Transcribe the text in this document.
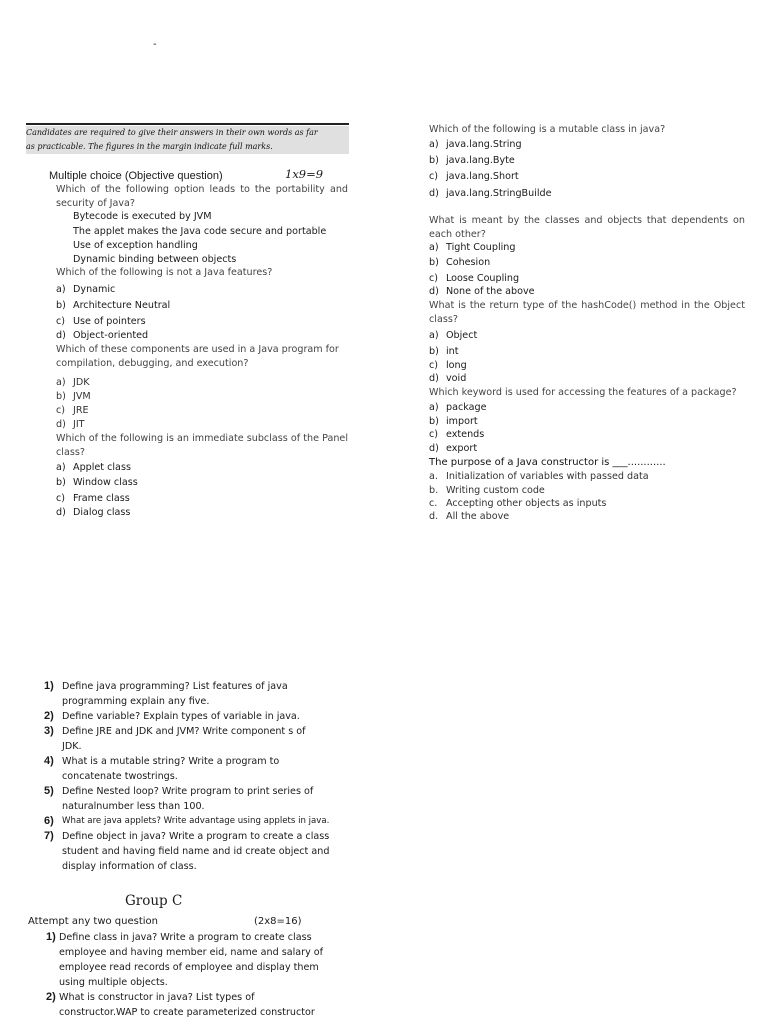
-
Candidates are required to give their answers in their own words as far as practicable. The figures in the margin indicate full marks.
Multiple choice (Objective question)	1x9=9
Which of the following option leads to the portability and security of Java?
Bytecode is executed by JVM
The applet makes the Java code secure and portable
Use of exception handling
Dynamic binding between objects
Which of the following is not a Java features?
a) Dynamic
b) Architecture Neutral
c) Use of pointers
d) Object-oriented
Which of these components are used in a Java program for compilation, debugging, and execution?
a) JDK
b) JVM
c) JRE
d) JIT
Which of the following is an immediate subclass of the Panel class?
a) Applet class
b) Window class
c) Frame class
d) Dialog class
Which of the following is a mutable class in java?
a) java.lang.String
b) java.lang.Byte
c) java.lang.Short
d) java.lang.StringBuilde
What is meant by the classes and objects that dependents on each other?
a) Tight Coupling
b) Cohesion
c) Loose Coupling
d) None of the above
What is the return type of the hashCode() method in the Object class?
a) Object
b) int
c) long
d) void
Which keyword is used for accessing the features of a package?
a) package
b) import
c) extends
d) export
The purpose of a Java constructor is ___............
a. Initialization of variables with passed data
b. Writing custom code
c. Accepting other objects as inputs
d. All the above
1) Define java programming? List features of java
programming explain any five.
2) Define variable? Explain types of variable in java.
3) Define JRE and JDK and JVM? Write component s of
JDK.
4) What is a mutable string? Write a program to
concatenate twostrings.
5) Define Nested loop? Write program to print series of
naturalnumber less than 100.
6) What are java applets? Write advantage using applets in java.
7) Define object in java? Write a program to create a class
student and having field name and id create object and
display information of class.
Group C
Attempt any two question	(2x8=16)
1) Define class in java? Write a program to create class
employee and having member eid, name and salary of
employee read records of employee and display them
using multiple objects.
2) What is constructor in java? List types of
constructor.WAP to create parameterized constructor
